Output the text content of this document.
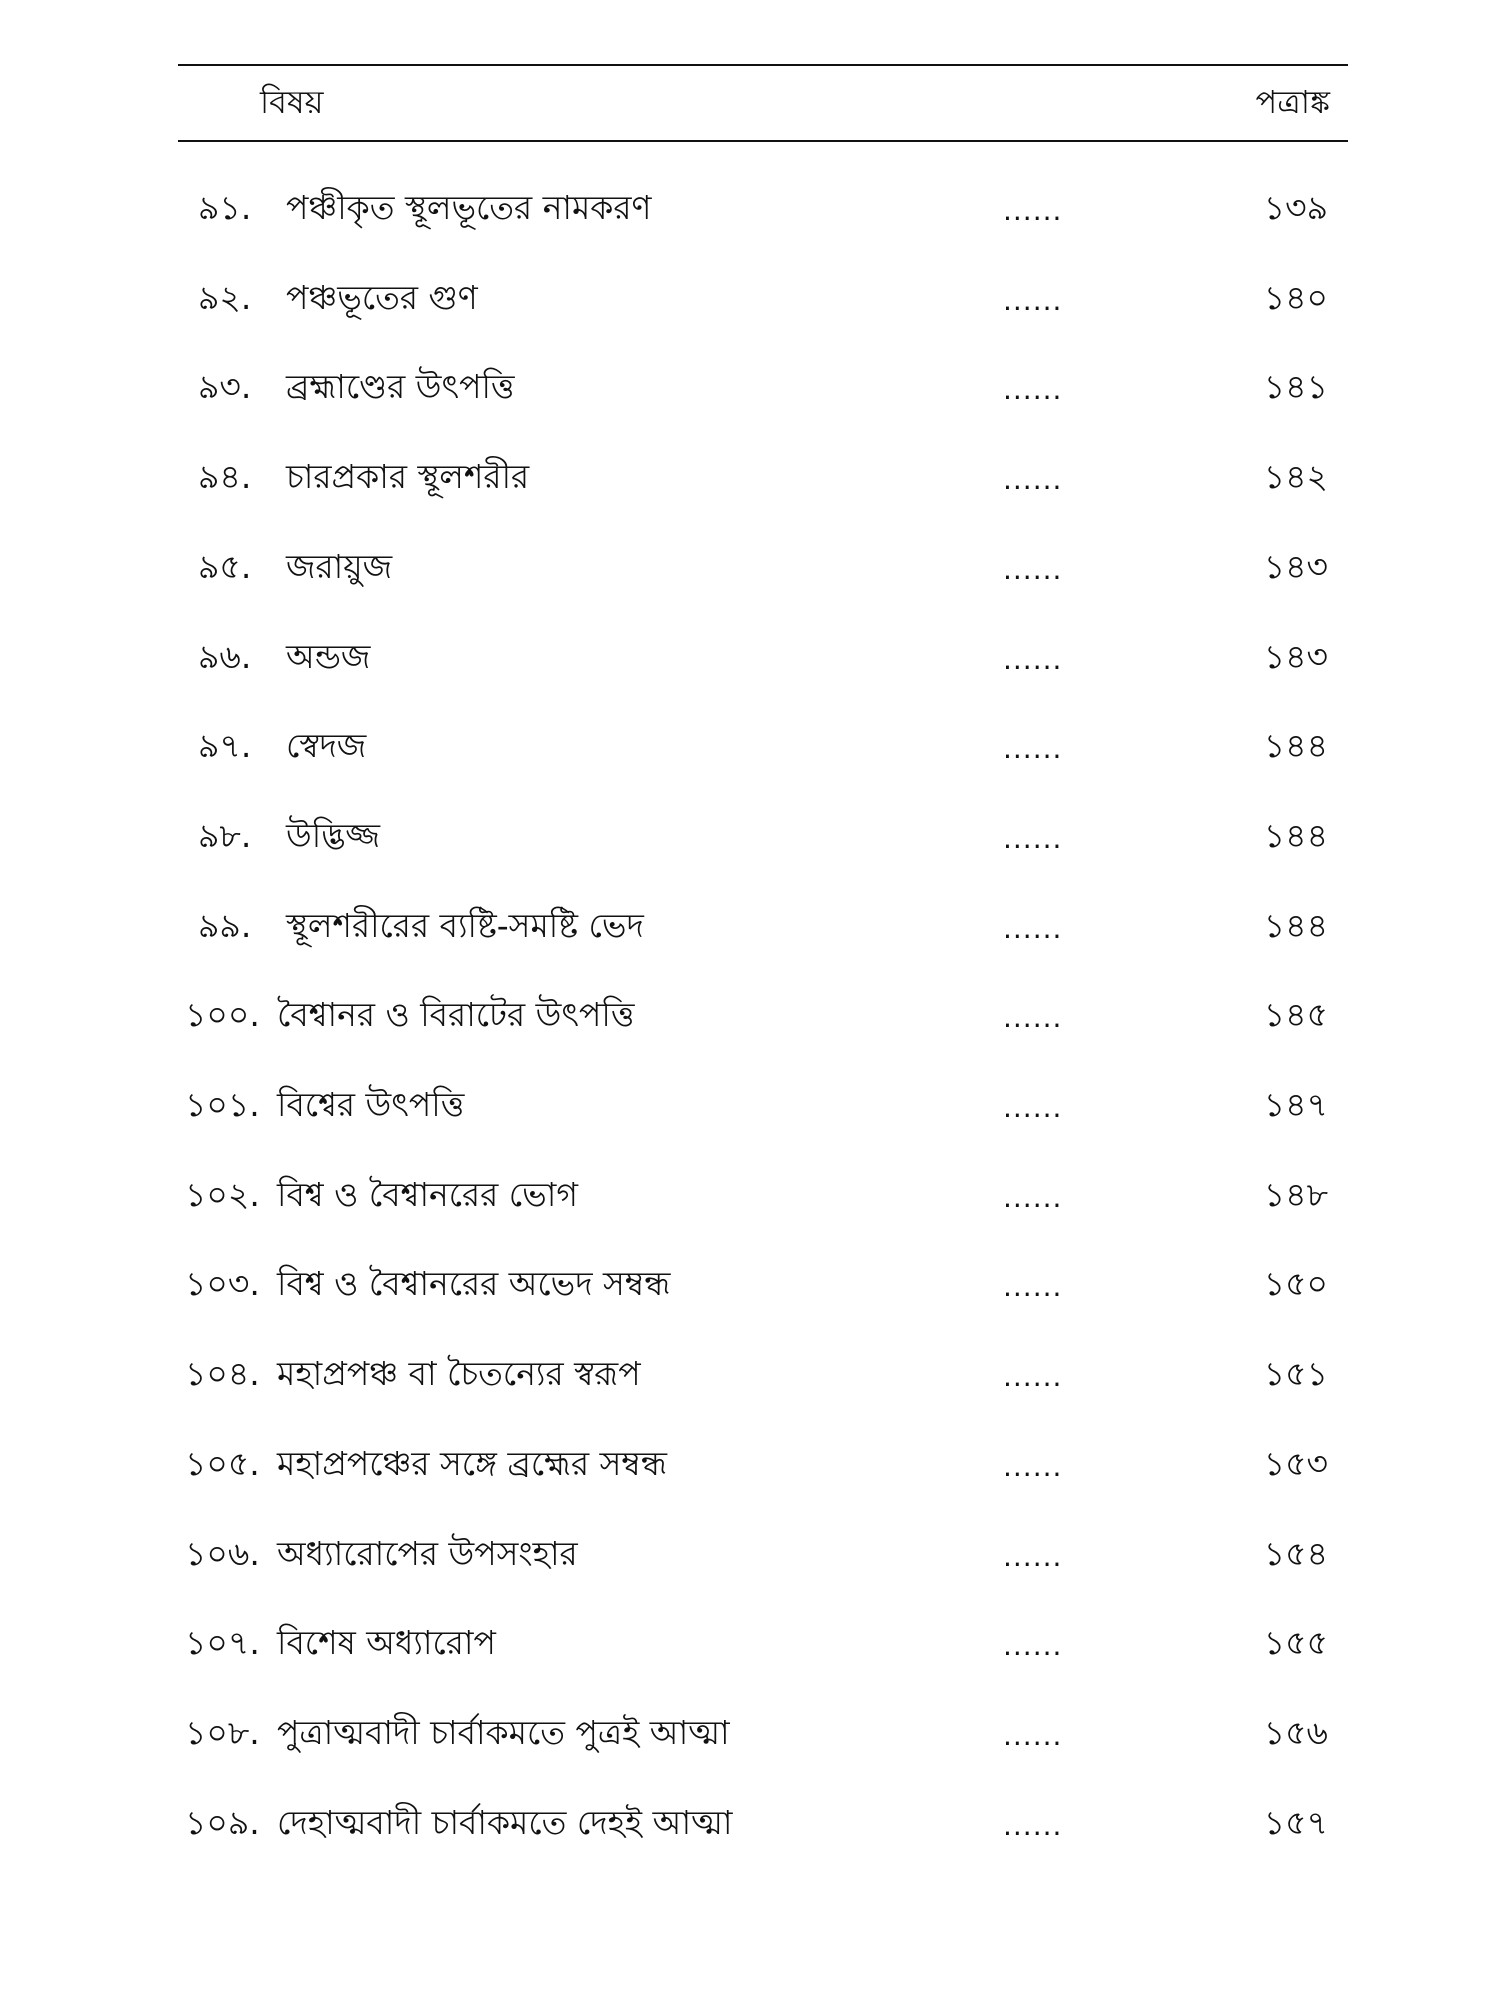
বিষয়	পত্রাঙ্ক
৯১. পঞ্চীকৃত স্থূলভূতের নামকরণ	......	১৩৯
৯২. পঞ্চভূতের গুণ	......	১৪০
৯৩. ব্রহ্মাণ্ডের উৎপত্তি	......	১৪১
৯৪. চারপ্রকার স্থূলশরীর	......	১৪২
৯৫. জরায়ুজ	......	১৪৩
৯৬. অন্ডজ	......	১৪৩
৯৭. স্বেদজ	......	১৪৪
৯৮. উদ্ভিজ্জ	......	১৪৪
৯৯. স্থূলশরীরের ব্যষ্টি-সমষ্টি ভেদ	......	১৪৪
১০০. বৈশ্বানর ও বিরাটের উৎপত্তি	......	১৪৫
১০১. বিশ্বের উৎপত্তি	......	১৪৭
১০২. বিশ্ব ও বৈশ্বানরের ভোগ	......	১৪৮
১০৩. বিশ্ব ও বৈশ্বানরের অভেদ সম্বন্ধ	......	১৫০
১০৪. মহাপ্রপঞ্চ বা চৈতন্যের স্বরূপ	......	১৫১
১০৫. মহাপ্রপঞ্চের সঙ্গে ব্রহ্মের সম্বন্ধ	......	১৫৩
১০৬. অধ্যারোপের উপসংহার	......	১৫৪
১০৭. বিশেষ অধ্যারোপ	......	১৫৫
১০৮. পুত্রাত্মবাদী চার্বাকমতে পুত্রই আত্মা	......	১৫৬
১০৯. দেহাত্মবাদী চার্বাকমতে দেহই আত্মা	......	১৫৭
